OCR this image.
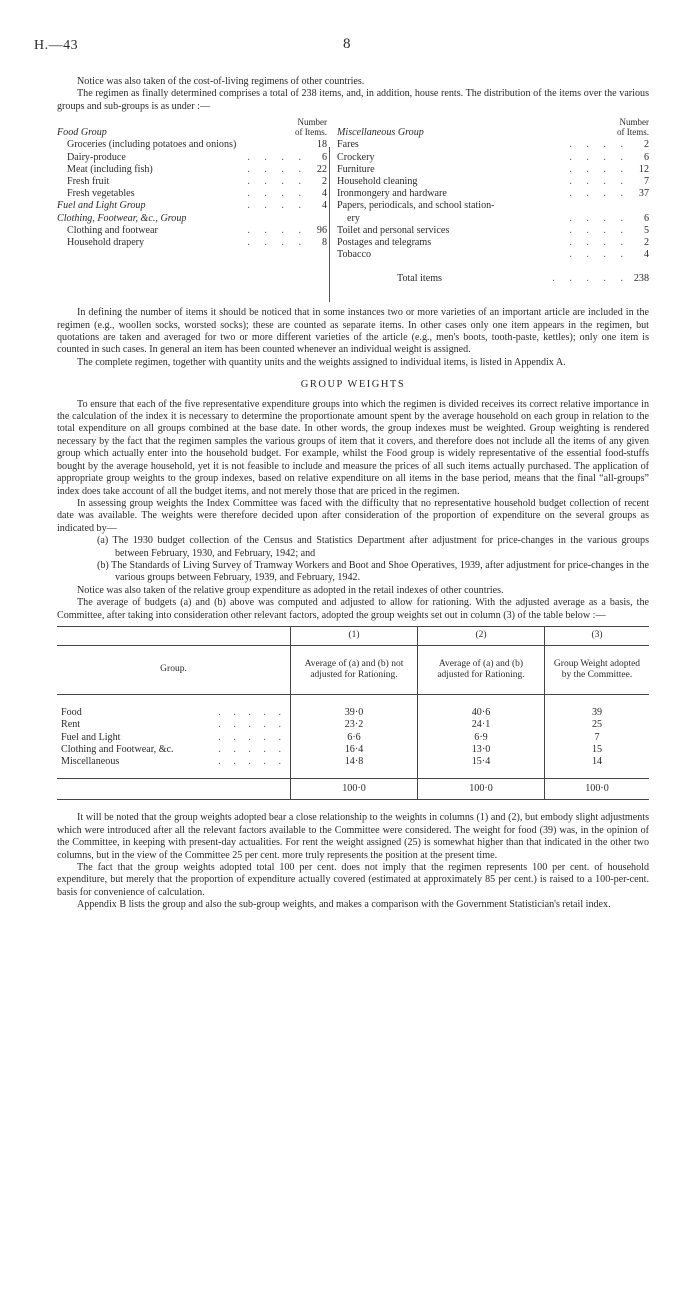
H.—43	8

Notice was also taken of the cost-of-living regimens of other countries.

The regimen as finally determined comprises a total of 238 items, and, in addition, house rents. The distribution of the items over the various groups and sub-groups is as under :—

Number
of Items.
Food Group
Groceries (including potatoes and onions)	18
Dairy-produce	. . . . 6
Meat (including fish)	. . . . 22
Fresh fruit	. . . . 2
Fresh vegetables	. . . . 4
Fuel and Light Group	. . . . 4
Clothing, Footwear, &c., Group
Clothing and footwear	. . . . 96
Household drapery	. . . . 8
Number
of Items.
Miscellaneous Group
Fares	. . . . 2
Crockery	. . . . 6
Furniture	. . . . 12
Household cleaning	. . . . 7
Ironmongery and hardware	. . . . 37
Papers, periodicals, and school station-
ery	. . . . 6
Toilet and personal services	. . . . 5
Postages and telegrams	. . . . 2
Tobacco	. . . . 4
Total items	. . . . . 238

In defining the number of items it should be noticed that in some instances two or more varieties of an important article are included in the regimen (e.g., woollen socks, worsted socks); these are counted as separate items. In other cases only one item appears in the regimen, but quotations are taken and averaged for two or more different varieties of the article (e.g., men's boots, tooth-paste, kettles); only one item is counted in such cases. In general an item has been counted whenever an individual weight is assigned.

The complete regimen, together with quantity units and the weights assigned to individual items, is listed in Appendix A.

GROUP WEIGHTS

To ensure that each of the five representative expenditure groups into which the regimen is divided receives its correct relative importance in the calculation of the index it is necessary to determine the proportionate amount spent by the average household on each group in relation to the total expenditure on all groups combined at the base date. In other words, the group indexes must be weighted. Group weighting is rendered necessary by the fact that the regimen samples the various groups of item that it covers, and therefore does not include all the items of any given group which actually enter into the household budget. For example, whilst the Food group is widely representative of the essential food-stuffs bought by the average household, yet it is not feasible to include and measure the prices of all such items actually purchased. The application of appropriate group weights to the group indexes, based on relative expenditure on all items in the base period, means that the final “all-groups” index does take account of all the budget items, and not merely those that are priced in the regimen.

In assessing group weights the Index Committee was faced with the difficulty that no representative household budget collection of recent date was available. The weights were therefore decided upon after consideration of the proportion of expenditure on the several groups as indicated by—

(a) The 1930 budget collection of the Census and Statistics Department after adjustment for price-changes in the various groups between February, 1930, and February, 1942; and

(b) The Standards of Living Survey of Tramway Workers and Boot and Shoe Operatives, 1939, after adjustment for price-changes in the various groups between February, 1939, and February, 1942.

Notice was also taken of the relative group expenditure as adopted in the retail indexes of other countries.

The average of budgets (a) and (b) above was computed and adjusted to allow for rationing. With the adjusted average as a basis, the Committee, after taking into consideration other relevant factors, adopted the group weights set out in column (3) of the table below :—

	(1)	(2)	(3)
Group.	Average of (a) and (b) not adjusted for Rationing.	Average of (a) and (b) adjusted for Rationing.	Group Weight adopted by the Committee.
Food . . . . .	39·0	40·6	39
Rent . . . . .	23·2	24·1	25
Fuel and Light . . . . .	6·6	6·9	7
Clothing and Footwear, &c. . . . . .	16·4	13·0	15
Miscellaneous . . . . .	14·8	15·4	14
	100·0	100·0	100·0

It will be noted that the group weights adopted bear a close relationship to the weights in columns (1) and (2), but embody slight adjustments which were introduced after all the relevant factors available to the Committee were considered. The weight for food (39) was, in the opinion of the Committee, in keeping with present-day actualities. For rent the weight assigned (25) is somewhat higher than that indicated in the other two columns, but in the view of the Committee 25 per cent. more truly represents the position at the present time.

The fact that the group weights adopted total 100 per cent. does not imply that the regimen represents 100 per cent. of household expenditure, but merely that the proportion of expenditure actually covered (estimated at approximately 85 per cent.) is raised to a 100-per-cent. basis for convenience of calculation.

Appendix B lists the group and also the sub-group weights, and makes a comparison with the Government Statistician's retail index.
